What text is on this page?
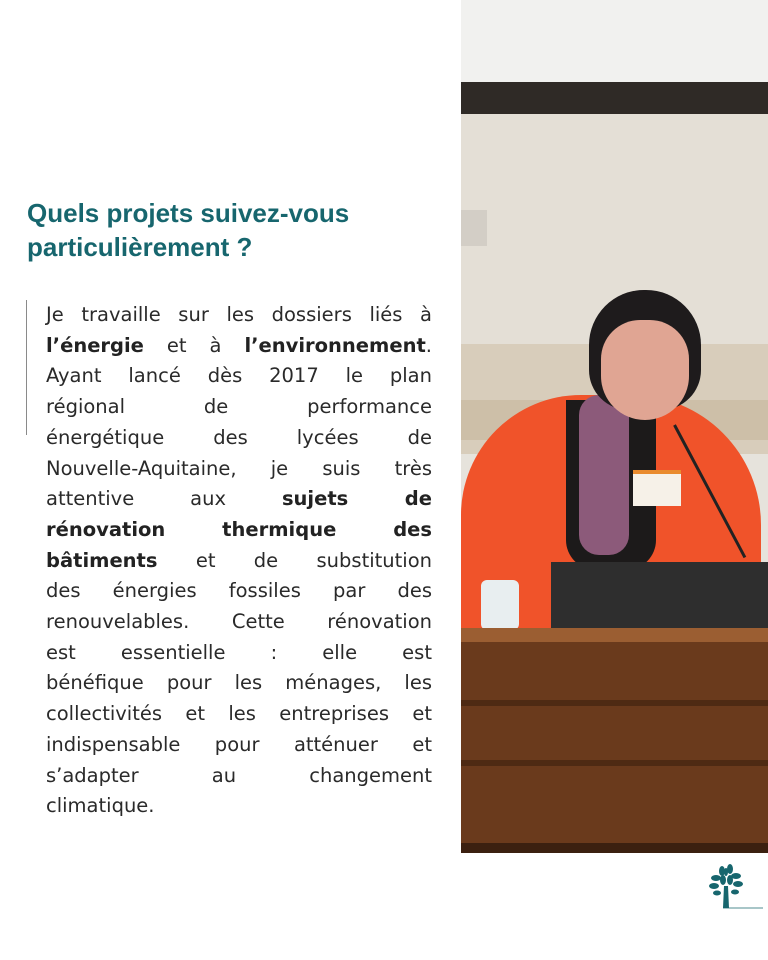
Quels projets suivez-vous
particulièrement ?
Je travaille sur les dossiers liés à
l’énergie et à l’environnement.
Ayant lancé dès 2017 le plan
régional de performance
énergétique des lycées de
Nouvelle-Aquitaine, je suis très
attentive aux sujets de
rénovation thermique des
bâtiments et de substitution
des énergies fossiles par des
renouvelables. Cette rénovation
est essentielle : elle est
bénéfique pour les ménages, les
collectivités et les entreprises et
indispensable pour atténuer et
s’adapter au changement
climatique.
